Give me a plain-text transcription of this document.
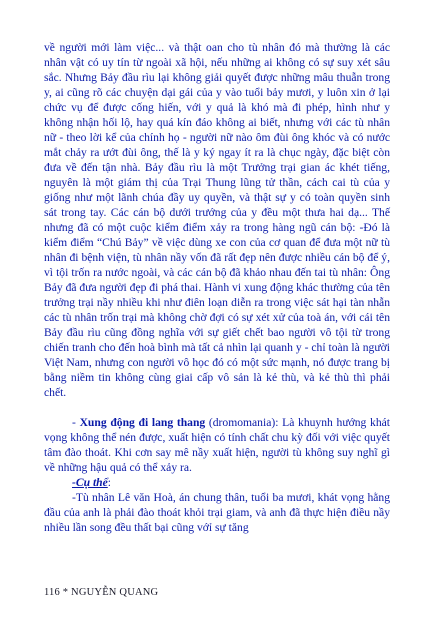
về người mới làm việc... và thật oan cho tù nhân đó mà thường là các nhân vật có uy tín từ ngoài xã hội, nếu những ai không có sự suy xét sâu sắc. Nhưng Bảy đầu rìu lại không giải quyết được những mâu thuẫn trong y, ai cũng rõ các chuyện dại gái của y vào tuổi bảy mươi, y luôn xin ở lại chức vụ để được cống hiến, với y quả là khó mà đi phép, hình như y không nhận hối lộ, hay quá kín đáo không ai biết, nhưng với các tù nhân nữ - theo lời kể của chính họ - người nữ nào ôm đùi ông khóc và có nước mắt chảy ra ướt đùi ông, thế là y ký ngay ít ra là chục ngày, đặc biệt còn đưa về đến tận nhà. Bảy đầu rìu là một Trưởng trại gian ác khét tiếng, nguyên là một giám thị của Trại Thung lũng tử thần, cách cai tù của y giống như một lãnh chúa đầy uy quyền, và thật sự y có toàn quyền sinh sát trong tay. Các cán bộ dưới trướng của y đều một thưa hai dạ... Thế nhưng đã có một cuộc kiểm điểm xảy ra trong hàng ngũ cán bộ: -Đó là kiểm điểm “Chú Bảy” về việc dùng xe con của cơ quan để đưa một nữ tù nhân đi bệnh viện, tù nhân nầy vốn đã rất đẹp nên được nhiều cán bộ để ý, vì tội trốn ra nước ngoài, và các cán bộ đã khảo nhau đến tai tù nhân: Ông Bảy đã đưa người đẹp đi phá thai. Hành vi xung động khác thường của tên trưởng trại nầy nhiều khi như điên loạn diễn ra trong việc sát hại tàn nhẫn các tù nhân trốn trại mà không chờ đợi có sự xét xử của toà án, với cái tên Bảy đầu rìu cũng đồng nghĩa với sự giết chết bao người vô tội từ trong chiến tranh cho đến hoà bình mà tất cả nhìn lại quanh y - chỉ toàn là người Việt Nam, nhưng con người vô học đó có một sức mạnh, nó được trang bị bằng niềm tin không cùng giai cấp vô sản là kẻ thù, và kẻ thù thì phải chết.

- Xung động đi lang thang (dromomania): Là khuynh hướng khát vọng không thể nén được, xuất hiện có tính chất chu kỳ đối với việc quyết tâm đào thoát. Khi cơn say mê nầy xuất hiện, người tù không suy nghĩ gì về những hậu quả có thể xảy ra.

-Cụ thể:

-Tù nhân Lê văn Hoà, án chung thân, tuổi ba mươi, khát vọng hằng đầu của anh là phải đào thoát khỏi trại giam, và anh đã thực hiện điều nầy nhiều lần song đều thất bại cũng vớỉ sự tăng

116 * NGUYỄN QUANG
